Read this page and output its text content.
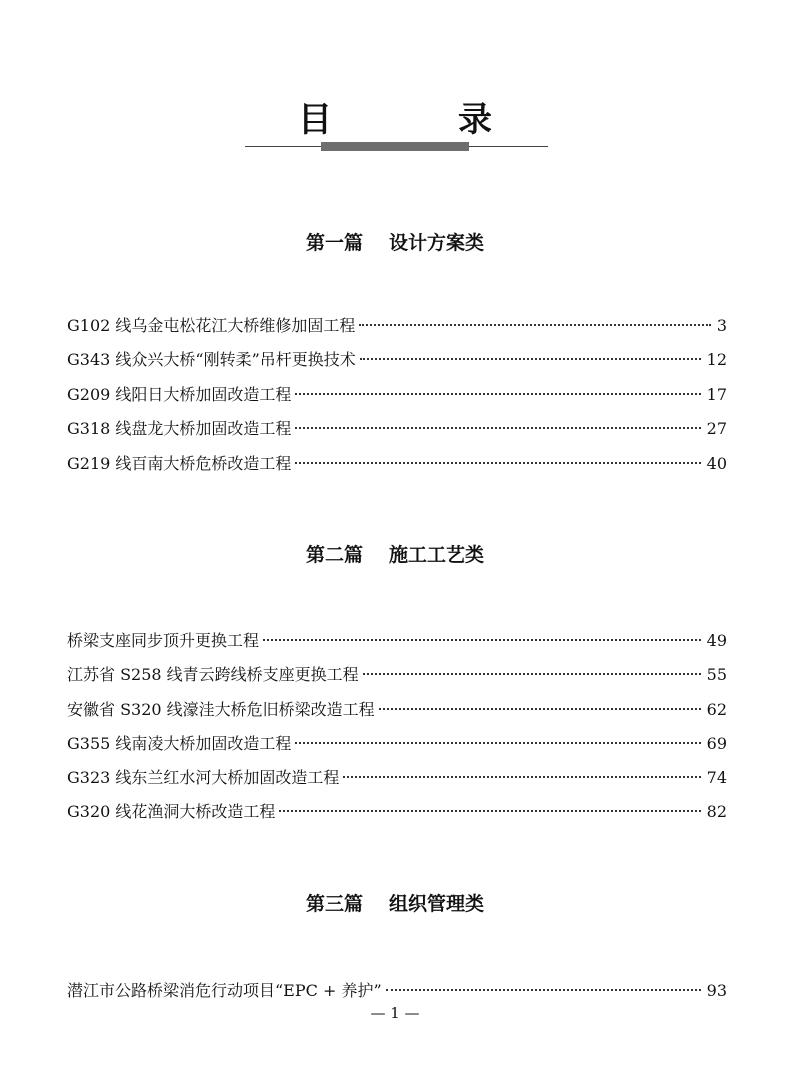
目　录
第一篇 设计方案类
G102 线乌金屯松花江大桥维修加固工程	3
G343 线众兴大桥“刚转柔”吊杆更换技术	12
G209 线阳日大桥加固改造工程	17
G318 线盘龙大桥加固改造工程	27
G219 线百南大桥危桥改造工程	40
第二篇 施工工艺类
桥梁支座同步顶升更换工程	49
江苏省 S258 线青云跨线桥支座更换工程	55
安徽省 S320 线濠洼大桥危旧桥梁改造工程	62
G355 线南凌大桥加固改造工程	69
G323 线东兰红水河大桥加固改造工程	74
G320 线花渔洞大桥改造工程	82
第三篇 组织管理类
潜江市公路桥梁消危行动项目“EPC + 养护”	93
— 1 —
